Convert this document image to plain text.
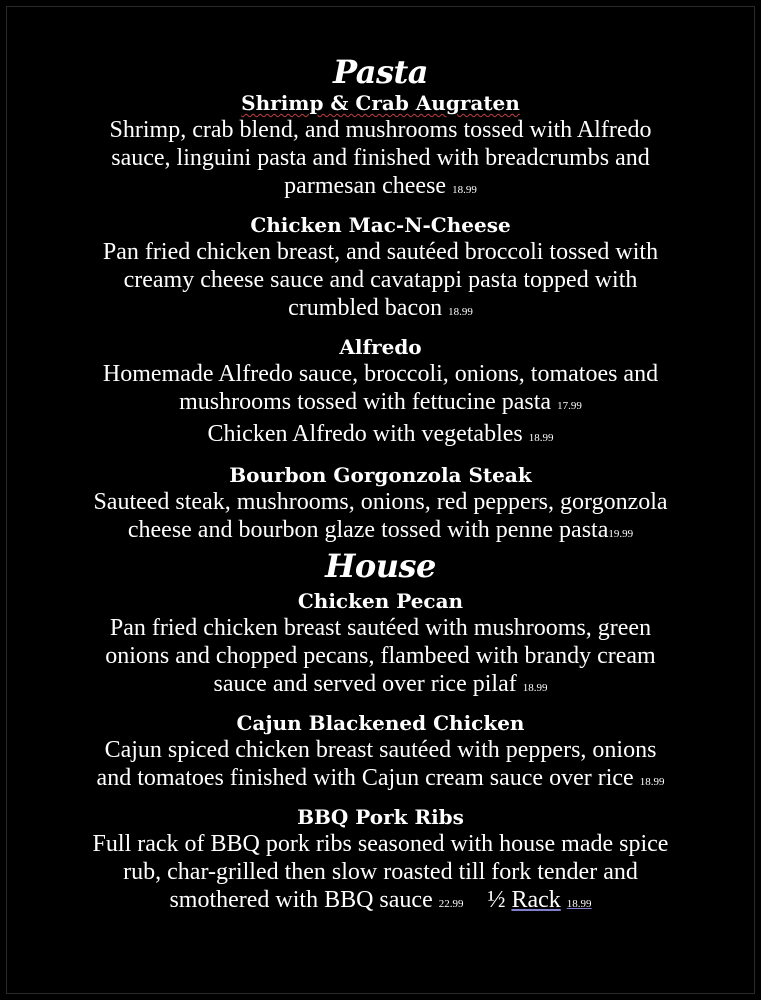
Pasta

Shrimp & Crab Augraten

Shrimp, crab blend, and mushrooms tossed with Alfredo

sauce, linguini pasta and finished with breadcrumbs and

parmesan cheese 18.99

Chicken Mac-N-Cheese

Pan fried chicken breast, and sautéed broccoli tossed with

creamy cheese sauce and cavatappi pasta topped with

crumbled bacon 18.99

Alfredo

Homemade Alfredo sauce, broccoli, onions, tomatoes and

mushrooms tossed with fettucine pasta 17.99

Chicken Alfredo with vegetables 18.99

Bourbon Gorgonzola Steak

Sauteed steak, mushrooms, onions, red peppers, gorgonzola

cheese and bourbon glaze tossed with penne pasta19.99

House

Chicken Pecan

Pan fried chicken breast sautéed with mushrooms, green

onions and chopped pecans, flambeed with brandy cream

sauce and served over rice pilaf 18.99

Cajun Blackened Chicken

Cajun spiced chicken breast sautéed with peppers, onions

and tomatoes finished with Cajun cream sauce over rice 18.99

BBQ Pork Ribs

Full rack of BBQ pork ribs seasoned with house made spice

rub, char-grilled then slow roasted till fork tender and

smothered with BBQ sauce 22.99 ½ Rack 18.99
